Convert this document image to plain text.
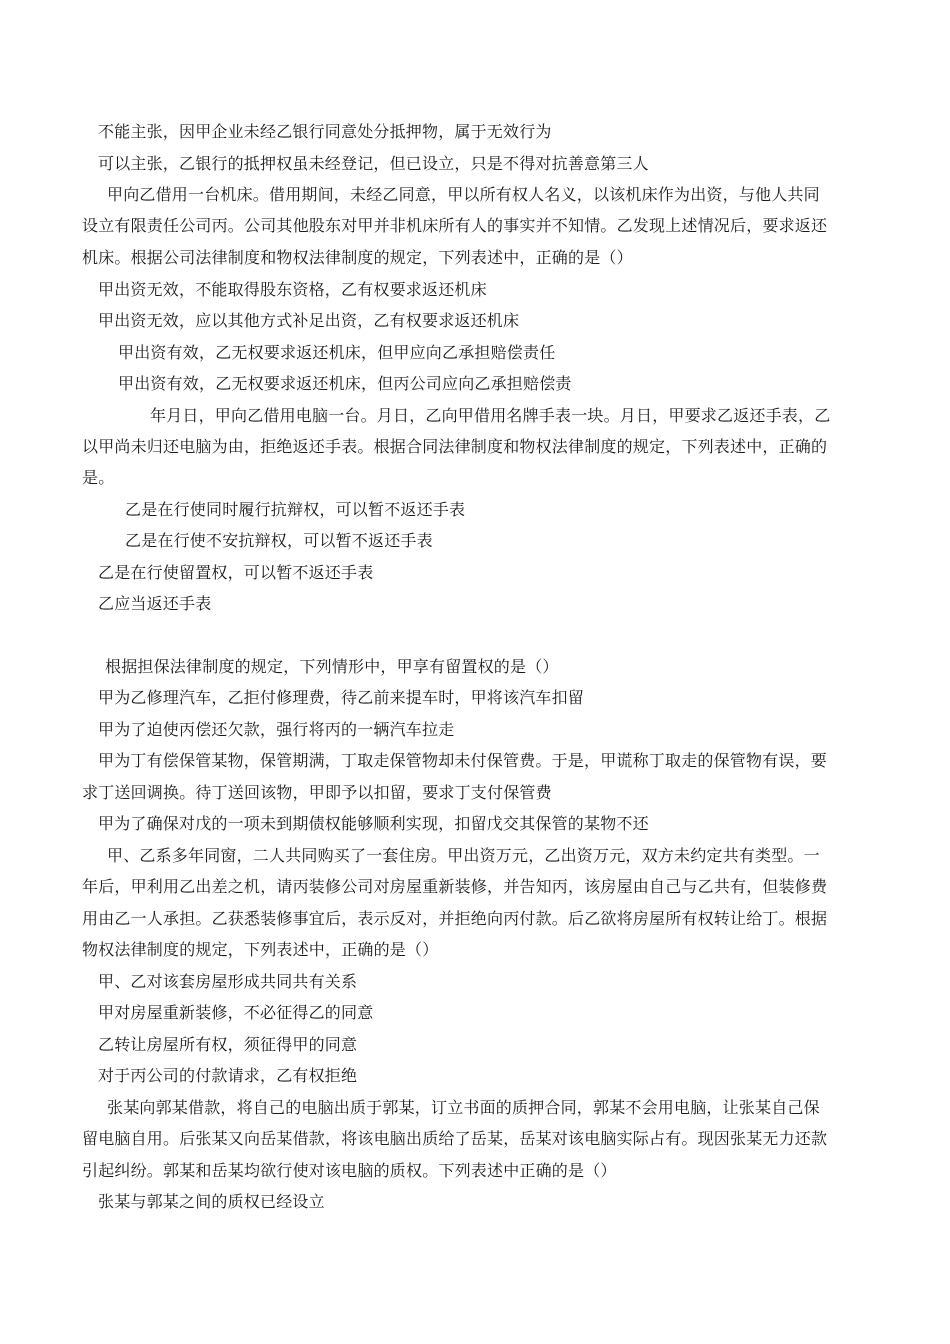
不能主张，因甲企业未经乙银行同意处分抵押物，属于无效行为
可以主张，乙银行的抵押权虽未经登记，但已设立，只是不得对抗善意第三人
甲向乙借用一台机床。借用期间，未经乙同意，甲以所有权人名义，以该机床作为出资，与他人共同
设立有限责任公司丙。公司其他股东对甲并非机床所有人的事实并不知情。乙发现上述情况后，要求返还
机床。根据公司法律制度和物权法律制度的规定，下列表述中，正确的是（）
甲出资无效，不能取得股东资格，乙有权要求返还机床
甲出资无效，应以其他方式补足出资，乙有权要求返还机床
甲出资有效，乙无权要求返还机床，但甲应向乙承担赔偿责任
甲出资有效，乙无权要求返还机床，但丙公司应向乙承担赔偿责
年月日，甲向乙借用电脑一台。月日，乙向甲借用名牌手表一块。月日，甲要求乙返还手表，乙
以甲尚未归还电脑为由，拒绝返还手表。根据合同法律制度和物权法律制度的规定，下列表述中，正确的
是。
乙是在行使同时履行抗辩权，可以暂不返还手表
乙是在行使不安抗辩权，可以暂不返还手表
乙是在行使留置权，可以暂不返还手表
乙应当返还手表
根据担保法律制度的规定，下列情形中，甲享有留置权的是（）
甲为乙修理汽车，乙拒付修理费，待乙前来提车时，甲将该汽车扣留
甲为了迫使丙偿还欠款，强行将丙的一辆汽车拉走
甲为丁有偿保管某物，保管期满，丁取走保管物却未付保管费。于是，甲谎称丁取走的保管物有误，要
求丁送回调换。待丁送回该物，甲即予以扣留，要求丁支付保管费
甲为了确保对戊的一项未到期债权能够顺利实现，扣留戊交其保管的某物不还
甲、乙系多年同窗，二人共同购买了一套住房。甲出资万元，乙出资万元，双方未约定共有类型。一
年后，甲利用乙出差之机，请丙装修公司对房屋重新装修，并告知丙，该房屋由自己与乙共有，但装修费
用由乙一人承担。乙获悉装修事宜后，表示反对，并拒绝向丙付款。后乙欲将房屋所有权转让给丁。根据
物权法律制度的规定，下列表述中，正确的是（）
甲、乙对该套房屋形成共同共有关系
甲对房屋重新装修，不必征得乙的同意
乙转让房屋所有权，须征得甲的同意
对于丙公司的付款请求，乙有权拒绝
张某向郭某借款，将自己的电脑出质于郭某，订立书面的质押合同，郭某不会用电脑，让张某自己保
留电脑自用。后张某又向岳某借款，将该电脑出质给了岳某，岳某对该电脑实际占有。现因张某无力还款
引起纠纷。郭某和岳某均欲行使对该电脑的质权。下列表述中正确的是（）
张某与郭某之间的质权已经设立
